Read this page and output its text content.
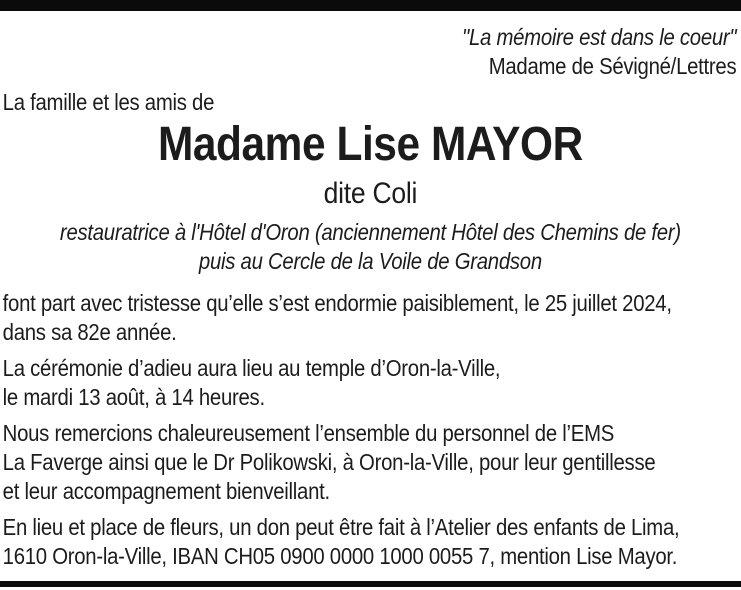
"La mémoire est dans le coeur"
Madame de Sévigné/Lettres
La famille et les amis de
Madame Lise MAYOR
dite Coli
restauratrice à l'Hôtel d'Oron (anciennement Hôtel des Chemins de fer)
puis au Cercle de la Voile de Grandson
font part avec tristesse qu’elle s’est endormie paisiblement, le 25 juillet 2024,
dans sa 82e année.
La cérémonie d’adieu aura lieu au temple d’Oron-la-Ville,
le mardi 13 août, à 14 heures.
Nous remercions chaleureusement l’ensemble du personnel de l’EMS
La Faverge ainsi que le Dr Polikowski, à Oron-la-Ville, pour leur gentillesse
et leur accompagnement bienveillant.
En lieu et place de fleurs, un don peut être fait à l’Atelier des enfants de Lima,
1610 Oron-la-Ville, IBAN CH05 0900 0000 1000 0055 7, mention Lise Mayor.
